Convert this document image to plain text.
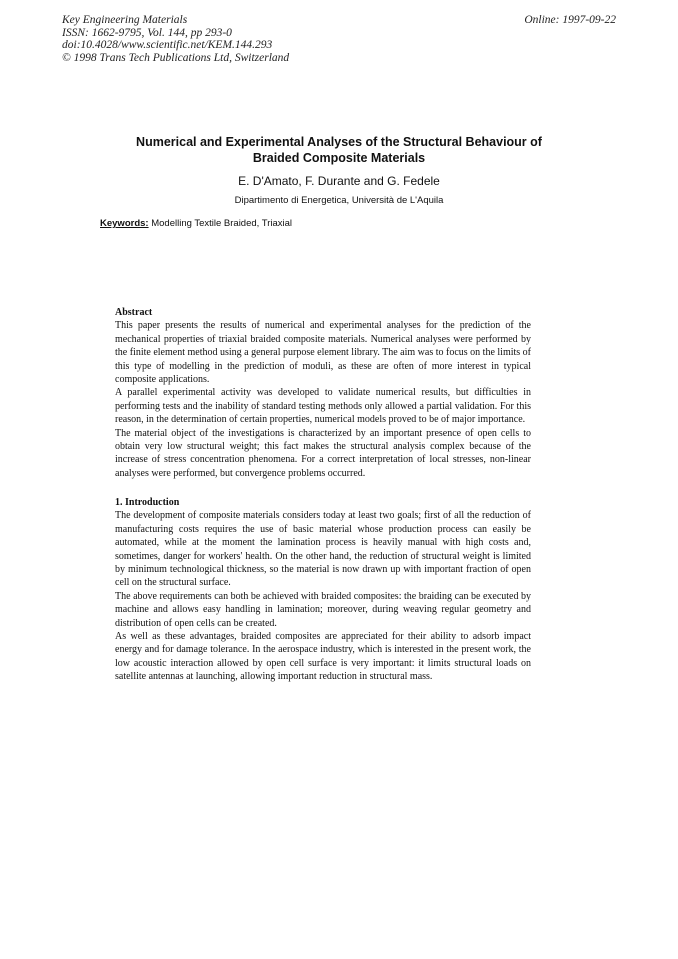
Key Engineering Materials
ISSN: 1662-9795, Vol. 144, pp 293-0
doi:10.4028/www.scientific.net/KEM.144.293
© 1998 Trans Tech Publications Ltd, Switzerland
Online: 1997-09-22
Numerical and Experimental Analyses of the Structural Behaviour of
Braided Composite Materials
E. D'Amato, F. Durante and G. Fedele
Dipartimento di Energetica, Università de L'Aquila
Keywords: Modelling Textile Braided, Triaxial
Abstract

This paper presents the results of numerical and experimental analyses for the prediction of the mechanical properties of triaxial braided composite materials. Numerical analyses were performed by the finite element method using a general purpose element library. The aim was to focus on the limits of this type of modelling in the prediction of moduli, as these are often of more interest in typical composite applications.

A parallel experimental activity was developed to validate numerical results, but difficulties in performing tests and the inability of standard testing methods only allowed a partial validation. For this reason, in the determination of certain properties, numerical models proved to be of major importance.

The material object of the investigations is characterized by an important presence of open cells to obtain very low structural weight; this fact makes the structural analysis complex because of the increase of stress concentration phenomena. For a correct interpretation of local stresses, non-linear analyses were performed, but convergence problems occurred.

1. Introduction

The development of composite materials considers today at least two goals; first of all the reduction of manufacturing costs requires the use of basic material whose production process can easily be automated, while at the moment the lamination process is heavily manual with high costs and, sometimes, danger for workers' health. On the other hand, the reduction of structural weight is limited by minimum technological thickness, so the material is now drawn up with important fraction of open cell on the structural surface.

The above requirements can both be achieved with braided composites: the braiding can be executed by machine and allows easy handling in lamination; moreover, during weaving regular geometry and distribution of open cells can be created.

As well as these advantages, braided composites are appreciated for their ability to adsorb impact energy and for damage tolerance. In the aerospace industry, which is interested in the present work, the low acoustic interaction allowed by open cell surface is very important: it limits structural loads on satellite antennas at launching, allowing important reduction in structural mass.
